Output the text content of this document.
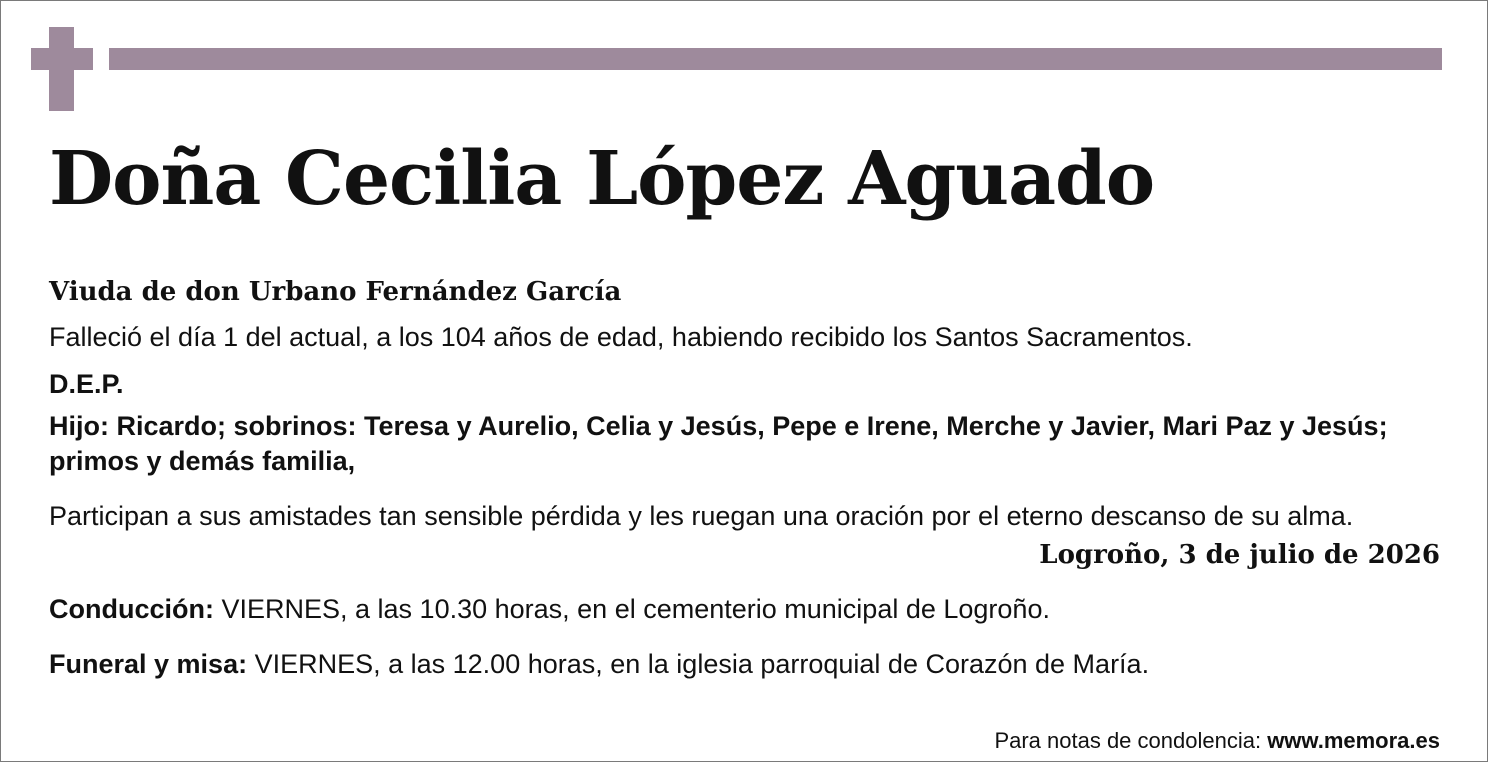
Doña Cecilia López Aguado
Viuda de don Urbano Fernández García
Falleció el día 1 del actual, a los 104 años de edad, habiendo recibido los Santos Sacramentos.
D.E.P.
Hijo: Ricardo; sobrinos: Teresa y Aurelio, Celia y Jesús, Pepe e Irene, Merche y Javier, Mari Paz y Jesús; primos y demás familia,
Participan a sus amistades tan sensible pérdida y les ruegan una oración por el eterno descanso de su alma.
Logroño, 3 de julio de 2026
Conducción: VIERNES, a las 10.30 horas, en el cementerio municipal de Logroño.
Funeral y misa: VIERNES, a las 12.00 horas, en la iglesia parroquial de Corazón de María.
Para notas de condolencia: www.memora.es
